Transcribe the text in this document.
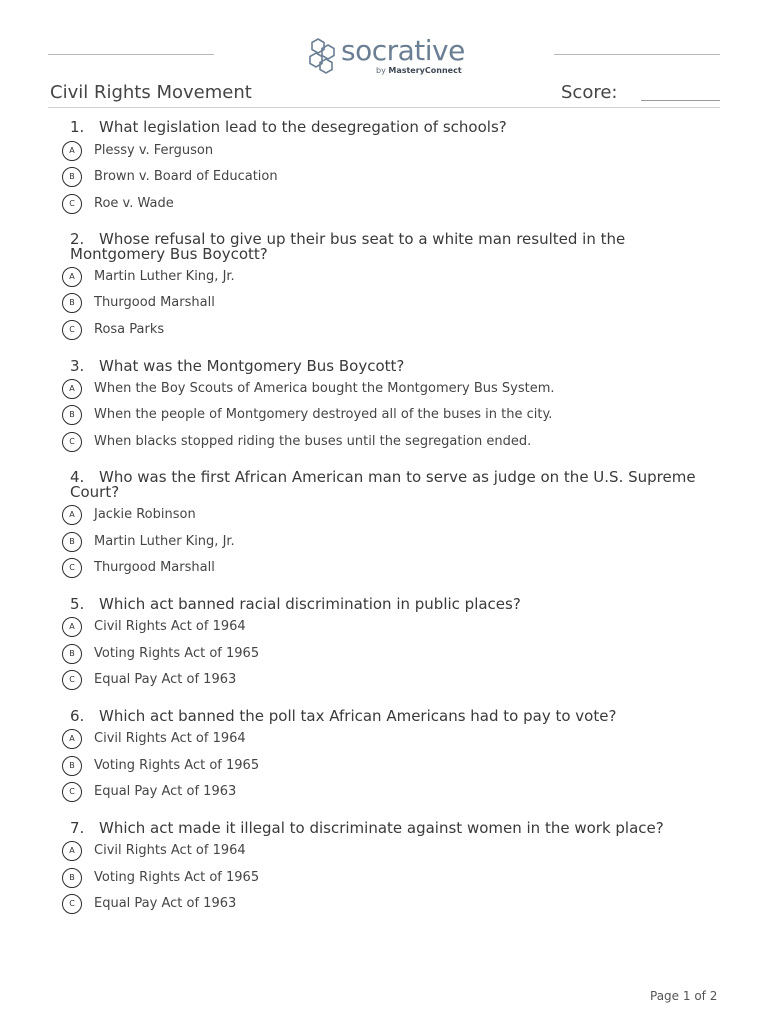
socrative
by MasteryConnect
Civil Rights Movement	Score:
1. What legislation lead to the desegregation of schools?
A	Plessy v. Ferguson
B	Brown v. Board of Education
C	Roe v. Wade
2. Whose refusal to give up their bus seat to a white man resulted in the Montgomery Bus Boycott?
A	Martin Luther King, Jr.
B	Thurgood Marshall
C	Rosa Parks
3. What was the Montgomery Bus Boycott?
A	When the Boy Scouts of America bought the Montgomery Bus System.
B	When the people of Montgomery destroyed all of the buses in the city.
C	When blacks stopped riding the buses until the segregation ended.
4. Who was the first African American man to serve as judge on the U.S. Supreme Court?
A	Jackie Robinson
B	Martin Luther King, Jr.
C	Thurgood Marshall
5. Which act banned racial discrimination in public places?
A	Civil Rights Act of 1964
B	Voting Rights Act of 1965
C	Equal Pay Act of 1963
6. Which act banned the poll tax African Americans had to pay to vote?
A	Civil Rights Act of 1964
B	Voting Rights Act of 1965
C	Equal Pay Act of 1963
7. Which act made it illegal to discriminate against women in the work place?
A	Civil Rights Act of 1964
B	Voting Rights Act of 1965
C	Equal Pay Act of 1963
Page 1 of 2
